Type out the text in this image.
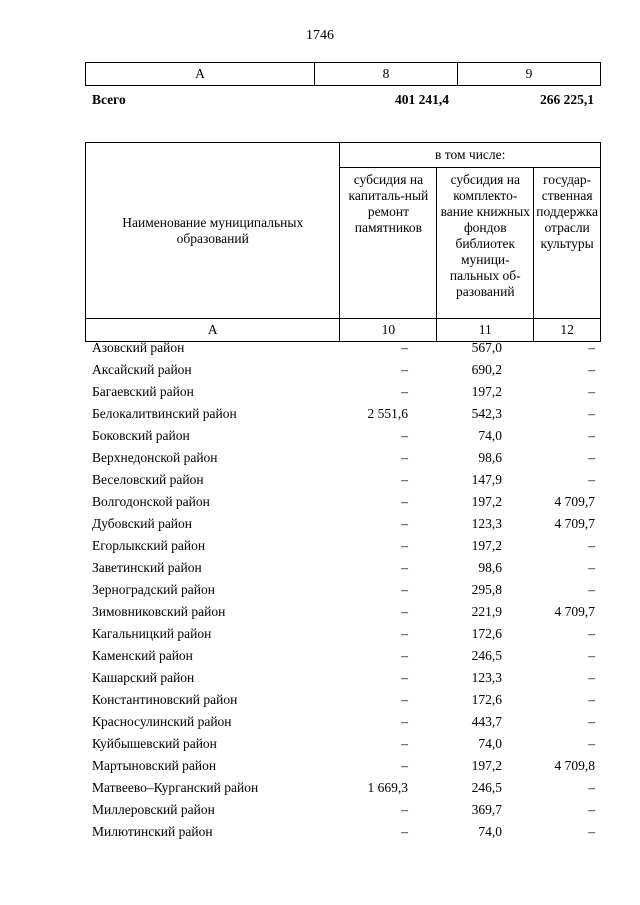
1746
А	8	9
Всего	401 241,4	266 225,1
Наименование муниципальных образований	в том числе:		
	субсидия на капиталь-ный ремонт памятников	субсидия на комплекто-вание книжных фондов библиотек муници-пальных об-разований	государ-ственная поддержка отрасли культуры
А	10	11	12
Азовский район	–	567,0	–
Аксайский район	–	690,2	–
Багаевский район	–	197,2	–
Белокалитвинский район	2 551,6	542,3	–
Боковский район	–	74,0	–
Верхнедонской район	–	98,6	–
Веселовский район	–	147,9	–
Волгодонской район	–	197,2	4 709,7
Дубовский район	–	123,3	4 709,7
Егорлыкский район	–	197,2	–
Заветинский район	–	98,6	–
Зерноградский район	–	295,8	–
Зимовниковский район	–	221,9	4 709,7
Кагальницкий район	–	172,6	–
Каменский район	–	246,5	–
Кашарский район	–	123,3	–
Константиновский район	–	172,6	–
Красносулинский район	–	443,7	–
Куйбышевский район	–	74,0	–
Мартыновский район	–	197,2	4 709,8
Матвеево–Курганский район	1 669,3	246,5	–
Миллеровский район	–	369,7	–
Милютинский район	–	74,0	–
